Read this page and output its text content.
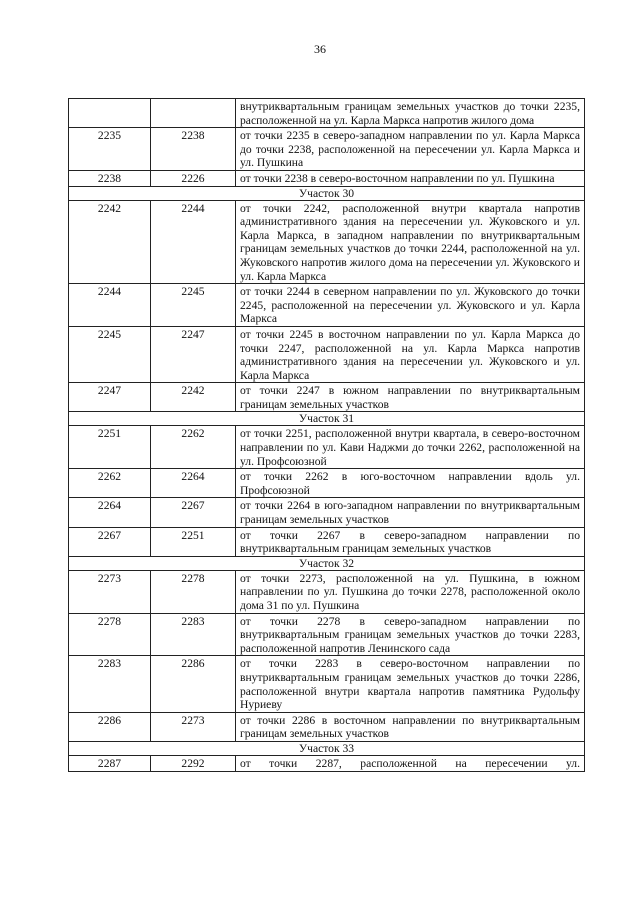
36
		внутриквартальным границам земельных участков до точки 2235, расположенной на ул. Карла Маркса напротив жилого дома
2235	2238	от точки 2235 в северо-западном направлении по ул. Карла Маркса до точки 2238, расположенной на пересечении ул. Карла Маркса и ул. Пушкина
2238	2226	от точки 2238 в северо-восточном направлении по ул. Пушкина
Участок 30		
2242	2244	от точки 2242, расположенной внутри квартала напротив административного здания на пересечении ул. Жуковского и ул. Карла Маркса, в западном направлении по внутриквартальным границам земельных участков до точки 2244, расположенной на ул. Жуковского напротив жилого дома на пересечении ул. Жуковского и ул. Карла Маркса
2244	2245	от точки 2244 в северном направлении по ул. Жуковского до точки 2245, расположенной на пересечении ул. Жуковского и ул. Карла Маркса
2245	2247	от точки 2245 в восточном направлении по ул. Карла Маркса до точки 2247, расположенной на ул. Карла Маркса напротив административного здания на пересечении ул. Жуковского и ул. Карла Маркса
2247	2242	от точки 2247 в южном направлении по внутриквартальным границам земельных участков
Участок 31		
2251	2262	от точки 2251, расположенной внутри квартала, в северо-восточном направлении по ул. Кави Наджми до точки 2262, расположенной на ул. Профсоюзной
2262	2264	от точки 2262 в юго-восточном направлении вдоль ул. Профсоюзной
2264	2267	от точки 2264 в юго-западном направлении по внутриквартальным границам земельных участков
2267	2251	от точки 2267 в северо-западном направлении по внутриквартальным границам земельных участков
Участок 32		
2273	2278	от точки 2273, расположенной на ул. Пушкина, в южном направлении по ул. Пушкина до точки 2278, расположенной около дома 31 по ул. Пушкина
2278	2283	от точки 2278 в северо-западном направлении по внутриквартальным границам земельных участков до точки 2283, расположенной напротив Ленинского сада
2283	2286	от точки 2283 в северо-восточном направлении по внутриквартальным границам земельных участков до точки 2286, расположенной внутри квартала напротив памятника Рудольфу Нуриеву
2286	2273	от точки 2286 в восточном направлении по внутриквартальным границам земельных участков
Участок 33		
2287	2292	от точки 2287, расположенной на пересечении ул.
